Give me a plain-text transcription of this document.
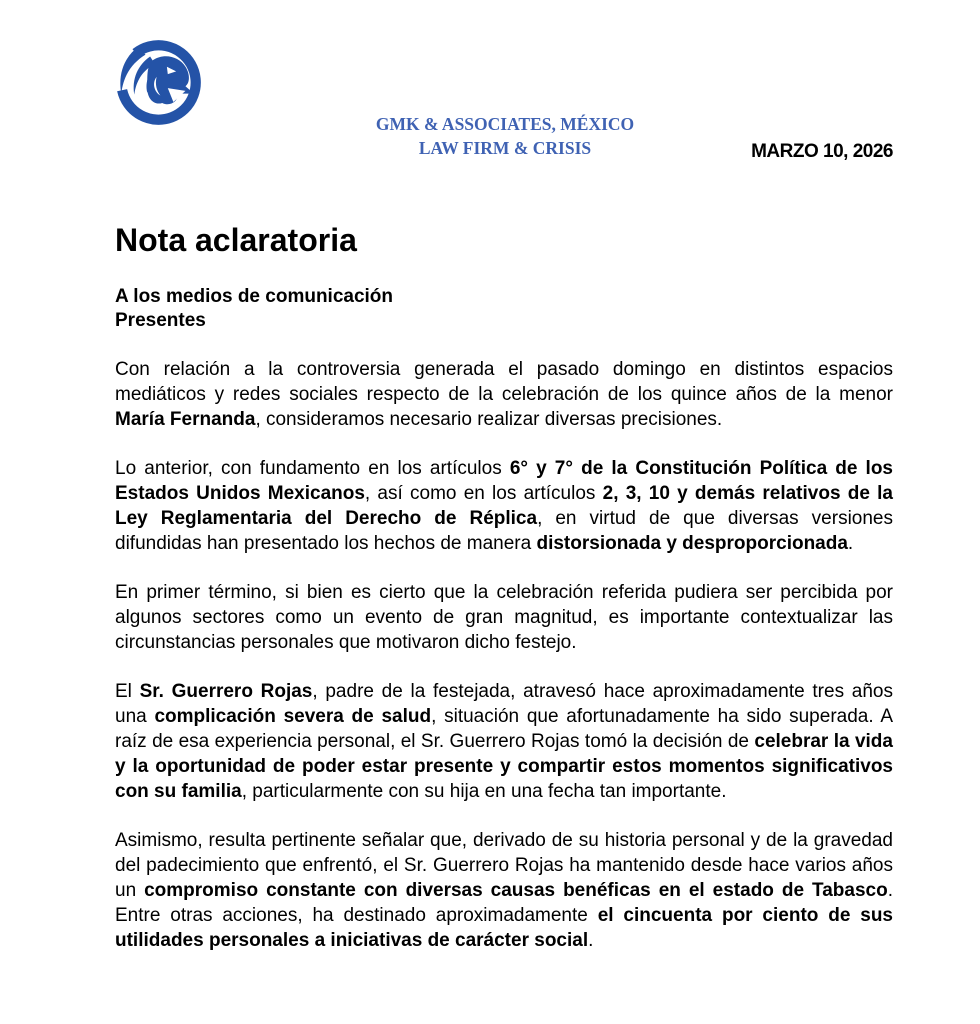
GMK & ASSOCIATES, MÉXICO
LAW FIRM & CRISIS	MARZO 10, 2026
Nota aclaratoria
A los medios de comunicación
Presentes

Con relación a la controversia generada el pasado domingo en distintos espacios mediáticos y redes sociales respecto de la celebración de los quince años de la menor María Fernanda, consideramos necesario realizar diversas precisiones.

Lo anterior, con fundamento en los artículos 6° y 7° de la Constitución Política de los Estados Unidos Mexicanos, así como en los artículos 2, 3, 10 y demás relativos de la Ley Reglamentaria del Derecho de Réplica, en virtud de que diversas versiones difundidas han presentado los hechos de manera distorsionada y desproporcionada.

En primer término, si bien es cierto que la celebración referida pudiera ser percibida por algunos sectores como un evento de gran magnitud, es importante contextualizar las circunstancias personales que motivaron dicho festejo.

El Sr. Guerrero Rojas, padre de la festejada, atravesó hace aproximadamente tres años una complicación severa de salud, situación que afortunadamente ha sido superada. A raíz de esa experiencia personal, el Sr. Guerrero Rojas tomó la decisión de celebrar la vida y la oportunidad de poder estar presente y compartir estos momentos significativos con su familia, particularmente con su hija en una fecha tan importante.

Asimismo, resulta pertinente señalar que, derivado de su historia personal y de la gravedad del padecimiento que enfrentó, el Sr. Guerrero Rojas ha mantenido desde hace varios años un compromiso constante con diversas causas benéficas en el estado de Tabasco. Entre otras acciones, ha destinado aproximadamente el cincuenta por ciento de sus utilidades personales a iniciativas de carácter social.
